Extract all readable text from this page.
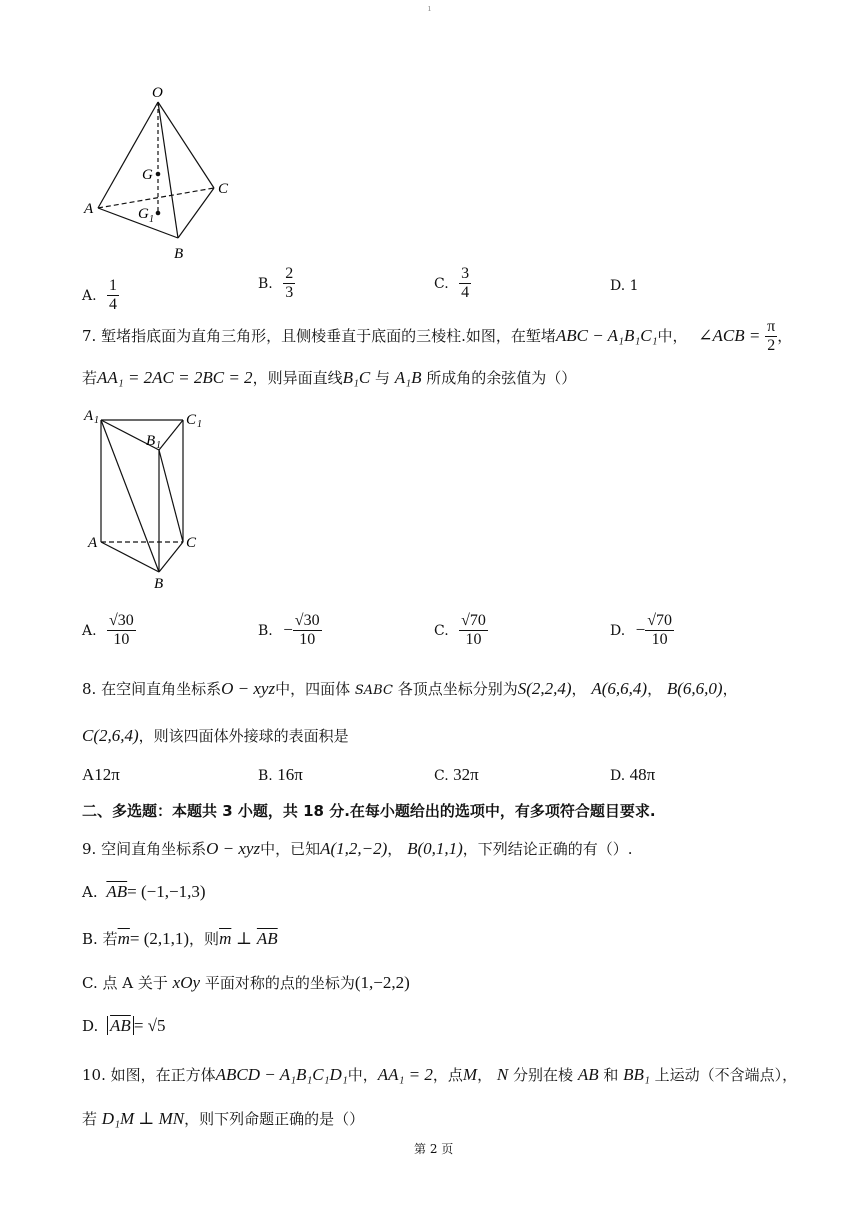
ı
O
G
C
A	G 1
B
A. $\frac{1}{4}$	B. $\frac{2}{3}$	C. $\frac{3}{4}$	D. 1
7. 堑堵指底面为直角三角形，且侧棱垂直于底面的三棱柱.如图，在堑堵ABC − A₁B₁C₁中， ∠ACB = $\frac{\pi}{2}$ ，
若AA₁ = 2AC = 2BC = 2，则异面直线B₁C 与 A₁B 所成角的余弦值为（）
A 1	C 1
B 1
A	C
B
A. $\frac{√30}{10}$	B. − $\frac{√30}{10}$	C. $\frac{√70}{10}$	D. − $\frac{√70}{10}$
8. 在空间直角坐标系O − xyz中，四面体 SABC 各顶点坐标分别为S(2,2,4)， A(6,6,4)， B(6,6,0)，
C(2,6,4)，则该四面体外接球的表面积是
A12π	B. 16π	C. 32π	D. 48π
二、多选题：本题共 3 小题，共 18 分.在每小题给出的选项中，有多项符合题目要求.
9. 空间直角坐标系O − xyz中，已知A(1,2,−2)， B(0,1,1)，下列结论正确的有（）.
A. $\overline{AB}= (-1,-1,3)$
B. 若$\overline{m}= (2,1,1)$，则$\overline{m}$ ⊥ $\overline{AB}$
C. 点 A 关于 xOy 平面对称的点的坐标为(1,−2,2)
D. $\overline{AB} = √5$
10. 如图，在正方体ABCD − A₁B₁C₁D₁中，AA₁ = 2，点M， N 分别在棱 AB 和 BB₁ 上运动（不含端点），
若 D₁M ⊥ MN，则下列命题正确的是（）
第 2 页
